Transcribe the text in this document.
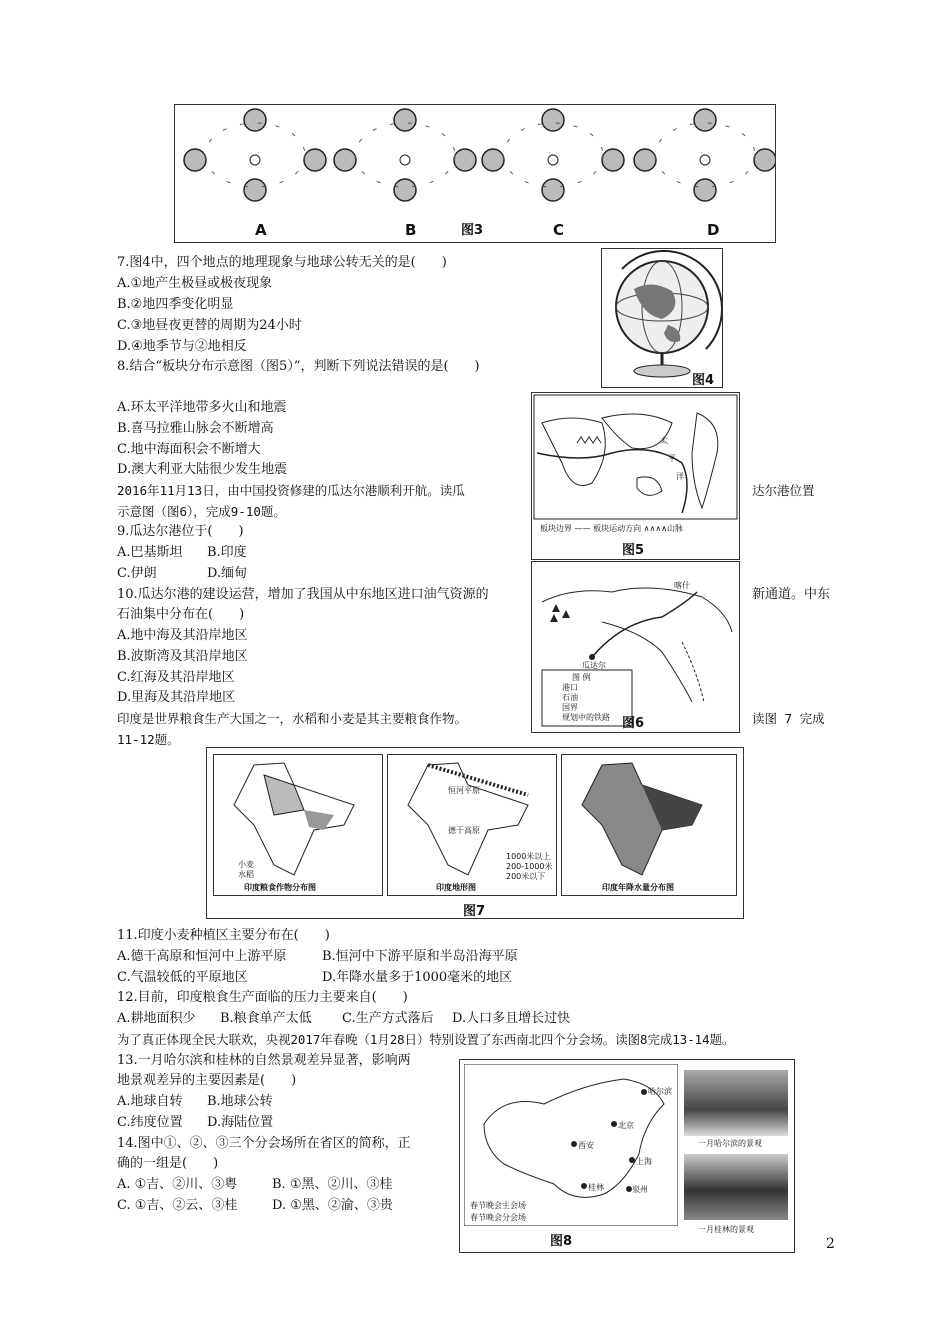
图3
A	B	C	D
图4
太
平
洋
板块边界 —— 板块运动方向 ∧∧∧∧山脉
图5
喀什
瓜达尔
图 例
港口
石油
国界
规划中的铁路 图6
小麦
水稻
印度粮食作物分布图
恒河平原
德干高原
1000米以上
200-1000米
200米以下
印度地形图	印度年降水量分布图
图7
哈尔滨
北京
上海
西安
泉州
桂林
春节晚会主会场
春节晚会分会场
一月哈尔滨的景观
一月桂林的景观
图8
7.图4中，四个地点的地理现象与地球公转无关的是(　　)
A.①地产生极昼或极夜现象
B.②地四季变化明显
C.③地昼夜更替的周期为24小时
D.④地季节与②地相反
8.结合“板块分布示意图（图5）”，判断下列说法错误的是(　　)
A.环太平洋地带多火山和地震
B.喜马拉雅山脉会不断增高
C.地中海面积会不断增大
D.澳大利亚大陆很少发生地震
2016年11月13日，由中国投资修建的瓜达尔港顺利开航。读瓜	达尔港位置
示意图（图6），完成9-10题。
9.瓜达尔港位于(　　)
A.巴基斯坦 B.印度
C.伊朗	D.缅甸
10.瓜达尔港的建设运营，增加了我国从中东地区进口油气资源的	新通道。中东
石油集中分布在(　　)
A.地中海及其沿岸地区
B.波斯湾及其沿岸地区
C.红海及其沿岸地区
D.里海及其沿岸地区
印度是世界粮食生产大国之一，水稻和小麦是其主要粮食作物。	读图 7 完成
11-12题。
11.印度小麦种植区主要分布在(　　)
A.德干高原和恒河中上游平原	B.恒河中下游平原和半岛沿海平原
C.气温较低的平原地区	D.年降水量多于1000毫米的地区
12.目前，印度粮食生产面临的压力主要来自(　　)
A.耕地面积少 B.粮食单产太低 C.生产方式落后 D.人口多且增长过快
为了真正体现全民大联欢，央视2017年春晚（1月28日）特别设置了东西南北四个分会场。读图8完成13-14题。
13.一月哈尔滨和桂林的自然景观差异显著，影响两
地景观差异的主要因素是(　　)
A.地球自转 B.地球公转
C.纬度位置 D.海陆位置
14.图中①、②、③三个分会场所在省区的简称，正
确的一组是(　　)
A. ①吉、②川、③粤	B. ①黑、②川、③桂
C. ①吉、②云、③桂	D. ①黑、②渝、③贵
2
